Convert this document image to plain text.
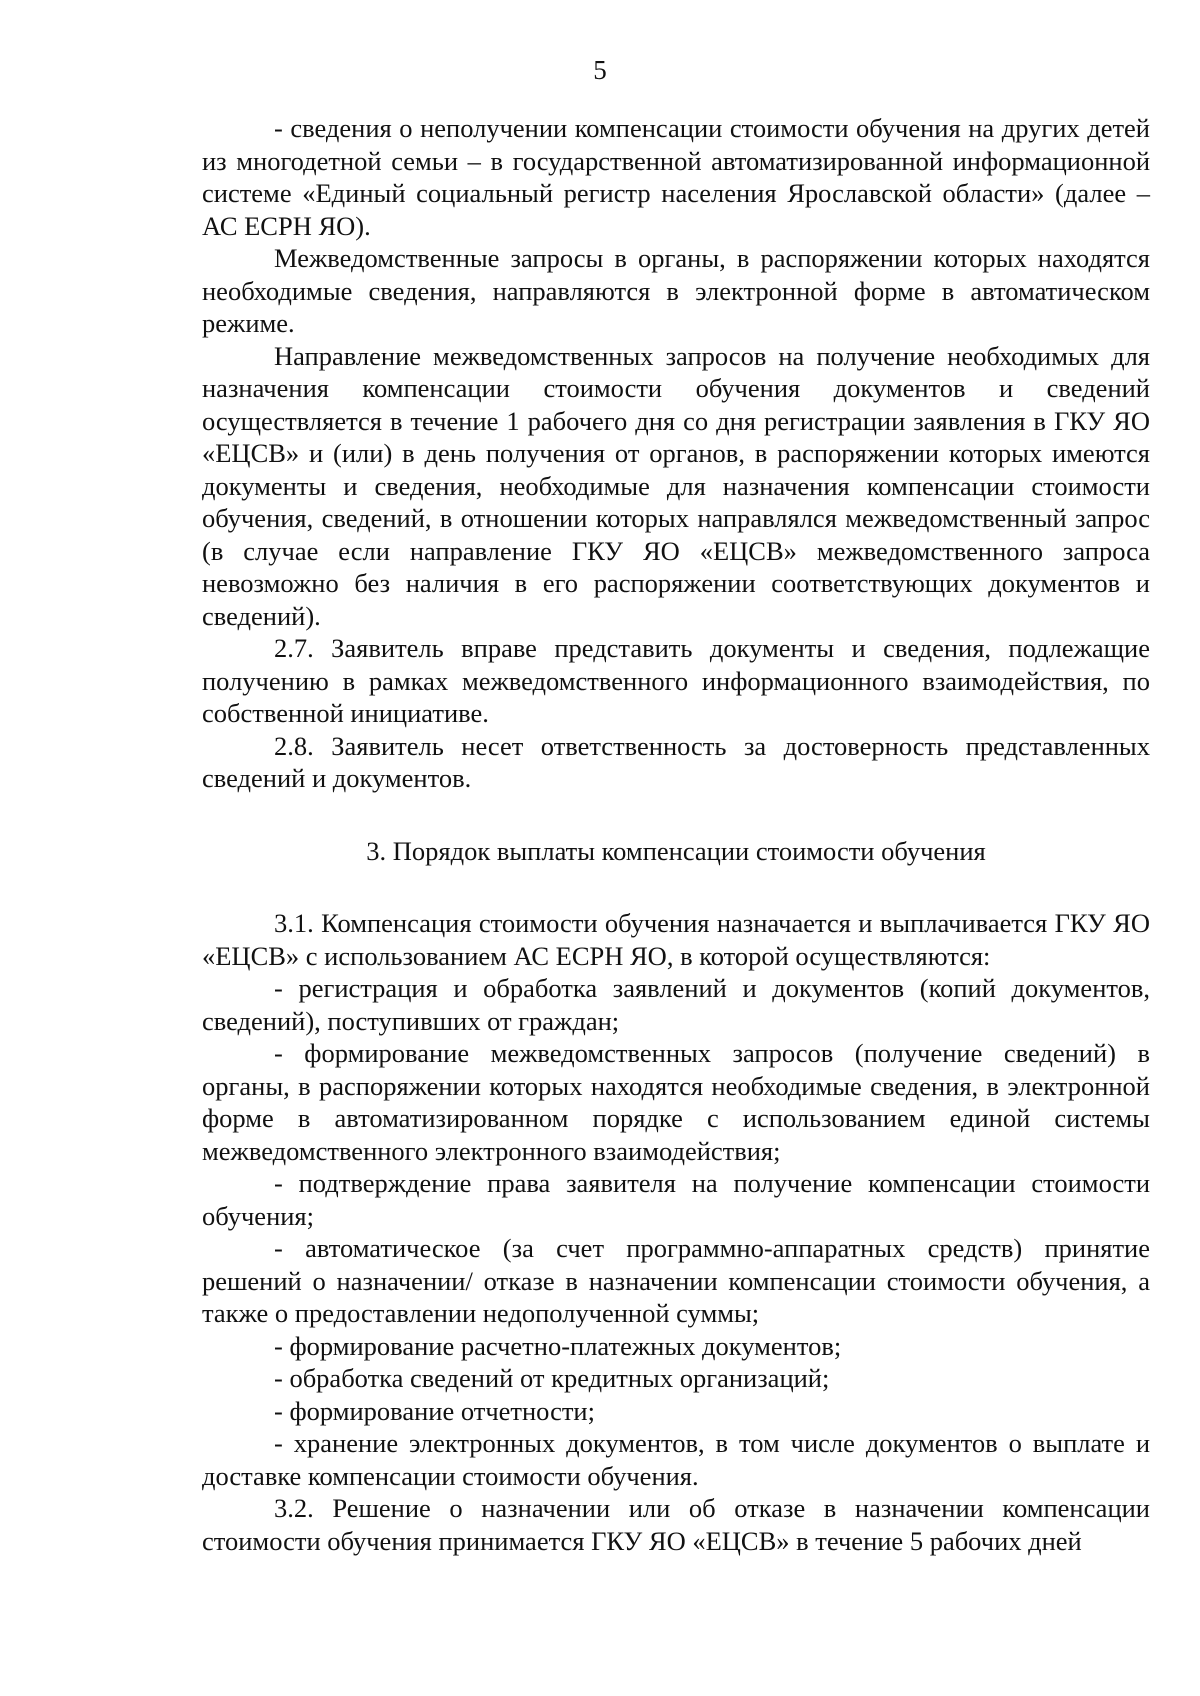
5

- сведения о неполучении компенсации стоимости обучения на других детей из многодетной семьи – в государственной автоматизированной информационной системе «Единый социальный регистр населения Ярославской области» (далее – АС ЕСРН ЯО).

Межведомственные запросы в органы, в распоряжении которых находятся необходимые сведения, направляются в электронной форме в автоматическом режиме.

Направление межведомственных запросов на получение необходимых для назначения компенсации стоимости обучения документов и сведений осуществляется в течение 1 рабочего дня со дня регистрации заявления в ГКУ ЯО «ЕЦСВ» и (или) в день получения от органов, в распоряжении которых имеются документы и сведения, необходимые для назначения компенсации стоимости обучения, сведений, в отношении которых направлялся межведомственный запрос (в случае если направление ГКУ ЯО «ЕЦСВ» межведомственного запроса невозможно без наличия в его распоряжении соответствующих документов и сведений).

2.7. Заявитель вправе представить документы и сведения, подлежащие получению в рамках межведомственного информационного взаимодействия, по собственной инициативе.

2.8. Заявитель несет ответственность за достоверность представленных сведений и документов.

3. Порядок выплаты компенсации стоимости обучения

3.1. Компенсация стоимости обучения назначается и выплачивается ГКУ ЯО «ЕЦСВ» с использованием АС ЕСРН ЯО, в которой осуществляются:

- регистрация и обработка заявлений и документов (копий документов, сведений), поступивших от граждан;

- формирование межведомственных запросов (получение сведений) в органы, в распоряжении которых находятся необходимые сведения, в электронной форме в автоматизированном порядке с использованием единой системы межведомственного электронного взаимодействия;

- подтверждение права заявителя на получение компенсации стоимости обучения;

- автоматическое (за счет программно-аппаратных средств) принятие решений о назначении/ отказе в назначении компенсации стоимости обучения, а также о предоставлении недополученной суммы;

- формирование расчетно-платежных документов;

- обработка сведений от кредитных организаций;

- формирование отчетности;

- хранение электронных документов, в том числе документов о выплате и доставке компенсации стоимости обучения.

3.2. Решение о назначении или об отказе в назначении компенсации стоимости обучения принимается ГКУ ЯО «ЕЦСВ» в течение 5 рабочих дней
